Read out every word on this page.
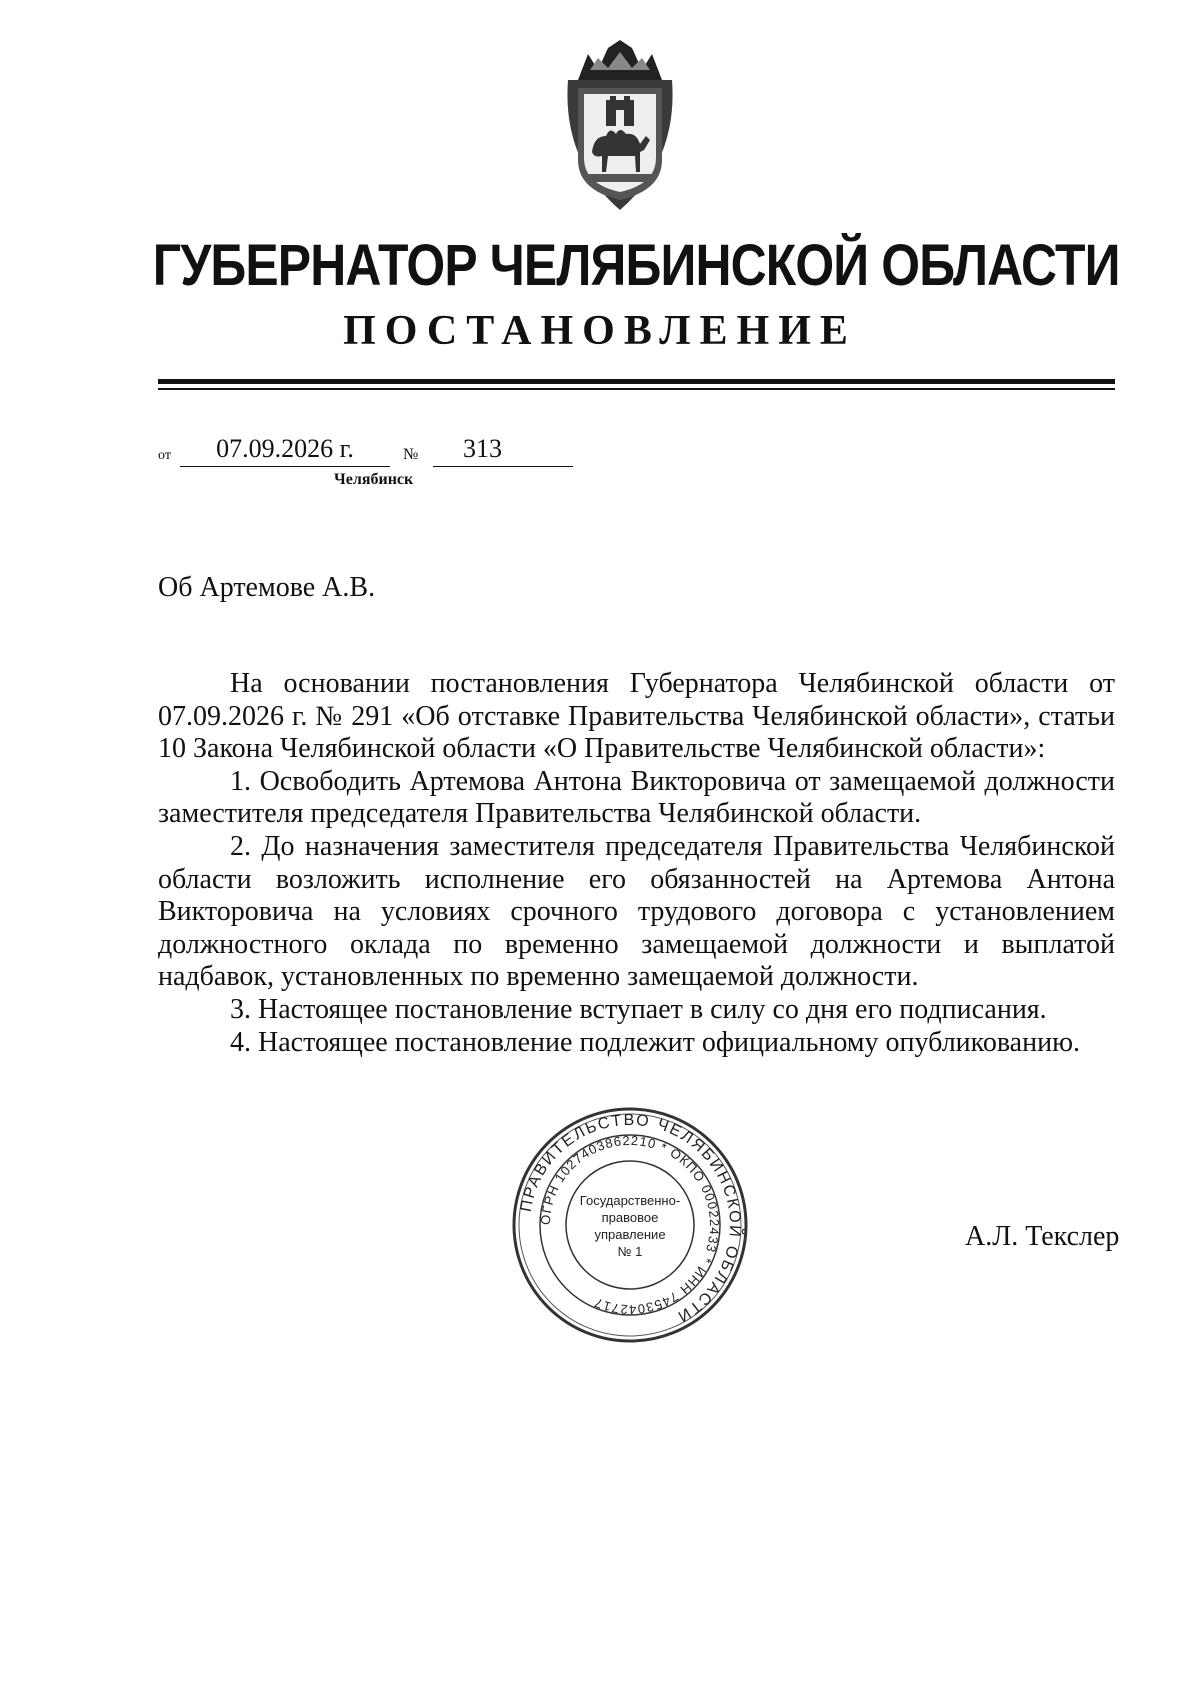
ГУБЕРНАТОР ЧЕЛЯБИНСКОЙ ОБЛАСТИ
ПОСТАНОВЛЕНИЕ
от	07.09.2026 г.	№	313
Челябинск
Об Артемове А.В.

На основании постановления Губернатора Челябинской области от 07.09.2026 г. № 291 «Об отставке Правительства Челябинской области», статьи 10 Закона Челябинской области «О Правительстве Челябинской области»:

1. Освободить Артемова Антона Викторовича от замещаемой должности заместителя председателя Правительства Челябинской области.

2. До назначения заместителя председателя Правительства Челябинской области возложить исполнение его обязанностей на Артемова Антона Викторовича на условиях срочного трудового договора с установлением должностного оклада по временно замещаемой должности и выплатой надбавок, установленных по временно замещаемой должности.

3. Настоящее постановление вступает в силу со дня его подписания.

4. Настоящее постановление подлежит официальному опубликованию.

ПРАВИТЕЛЬСТВО ЧЕЛЯБИНСКОЙ ОБЛАСТИ
ОГРН 1027403862210 * ОКПО 00022433 * ИНН 7453042717
Государственно-
правовое
управление
№ 1	А.Л. Текслер
